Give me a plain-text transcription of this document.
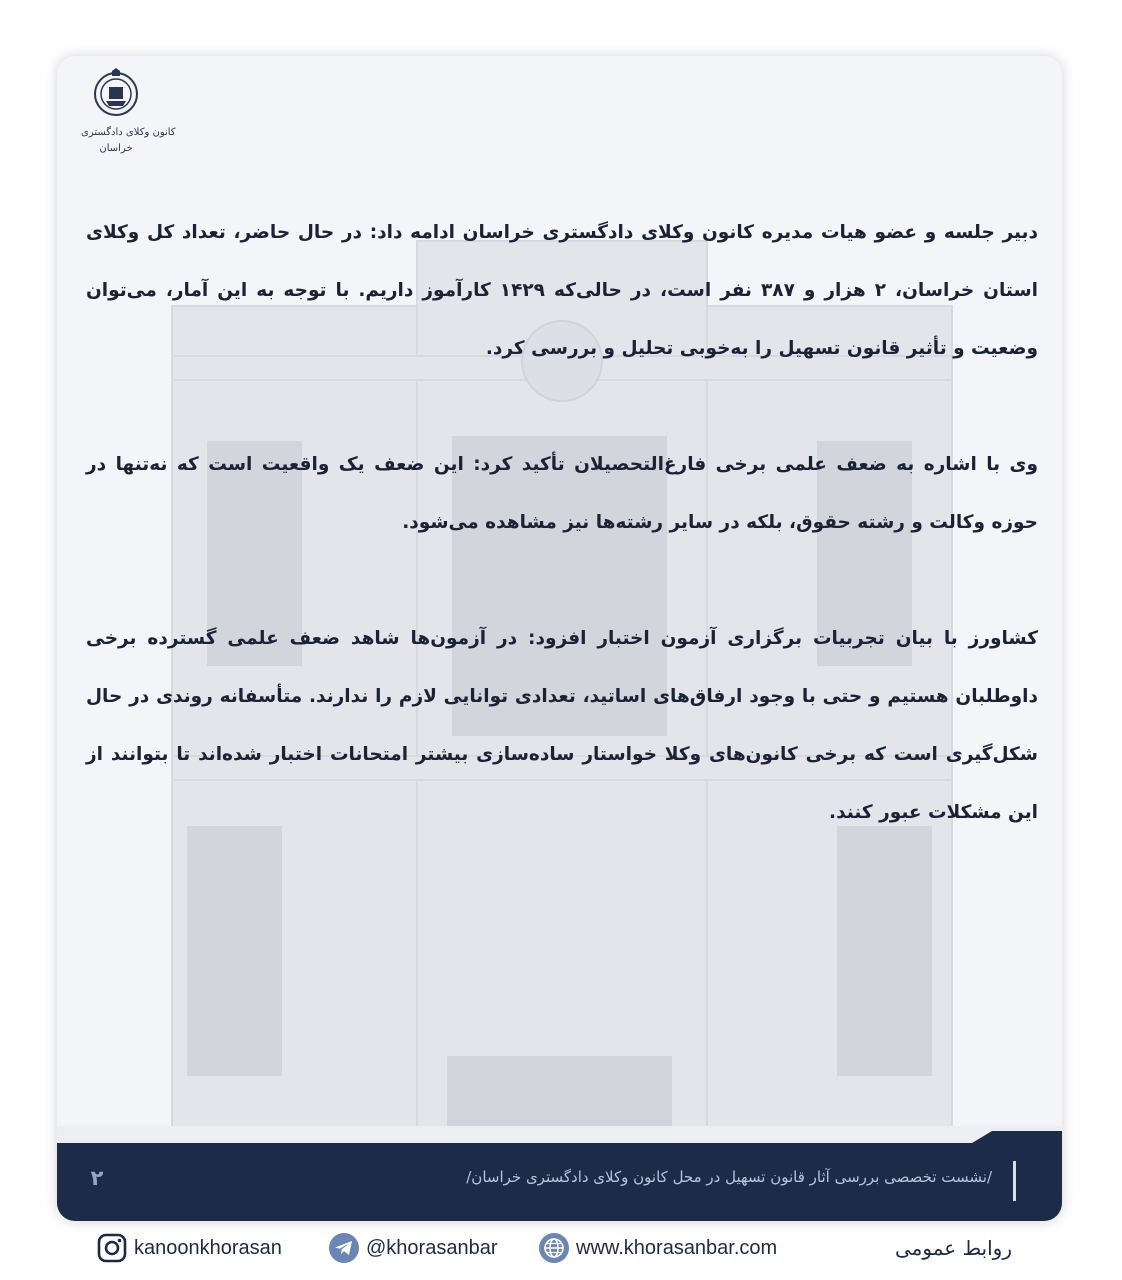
کانون وکلای دادگستری
خراسان

دبیر جلسه و عضو هیات مدیره کانون وکلای دادگستری خراسان ادامه داد: در حال حاضر، تعداد کل وکلای استان خراسان، ۲ هزار و ۳۸۷ نفر است، در حالی‌که ۱۴۲۹ کارآموز داریم. با توجه به این آمار، می‌توان وضعیت و تأثیر قانون تسهیل را به‌خوبی تحلیل و بررسی کرد.

وی با اشاره به ضعف علمی برخی فارغ‌التحصیلان تأکید کرد: این ضعف یک واقعیت است که نه‌تنها در حوزه وکالت و رشته حقوق، بلکه در سایر رشته‌ها نیز مشاهده می‌شود.

کشاورز با بیان تجربیات برگزاری آزمون اختبار افزود: در آزمون‌ها شاهد ضعف علمی گسترده برخی داوطلبان هستیم و حتی با وجود ارفاق‌های اساتید، تعدادی توانایی لازم را ندارند. متأسفانه روندی در حال شکل‌گیری است که برخی کانون‌های وکلا خواستار ساده‌سازی بیشتر امتحانات اختبار شده‌اند تا بتوانند از این مشکلات عبور کنند.

۲	/نشست تخصصی بررسی آثار قانون تسهیل در محل کانون وکلای دادگستری خراسان/
kanoonkhorasan	@khorasanbar	www.khorasanbar.com	روابط عمومی
